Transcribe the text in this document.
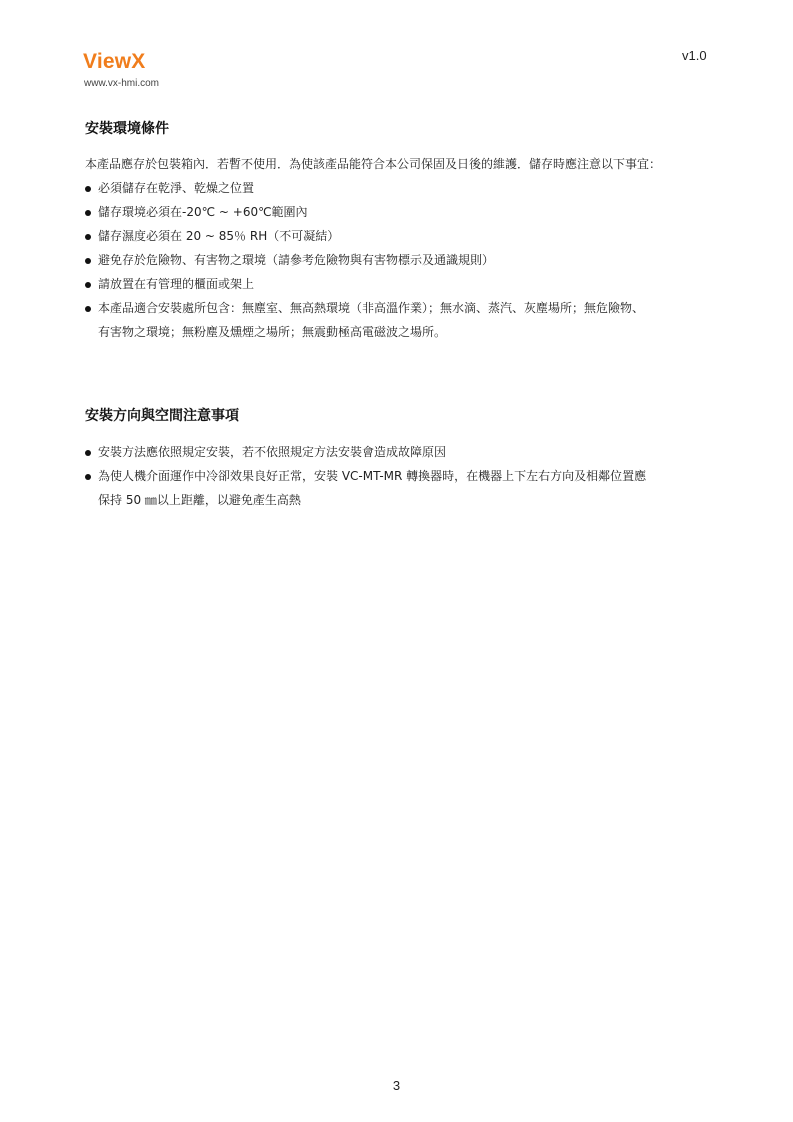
ViewX
www.vx-hmi.com
v1.0
安裝環境條件
本產品應存於包裝箱內．若暫不使用．為使該產品能符合本公司保固及日後的維護．儲存時應注意以下事宜：
必須儲存在乾淨、乾燥之位置
儲存環境必須在-20℃ ~ +60℃範圍內
儲存濕度必須在 20 ~ 85％ RH（不可凝結）
避免存於危險物、有害物之環境（請參考危險物與有害物標示及通識規則）
請放置在有管理的櫃面或架上
本產品適合安裝處所包含：無塵室、無高熱環境（非高溫作業）；無水滴、蒸汽、灰塵場所；無危險物、
有害物之環境；無粉塵及燻煙之場所；無震動極高電磁波之場所。
安裝方向與空間注意事項
安裝方法應依照規定安裝，若不依照規定方法安裝會造成故障原因
為使人機介面運作中冷卻效果良好正常，安裝 VC-MT-MR 轉換器時，在機器上下左右方向及相鄰位置應
保持 50 ㎜以上距離，以避免產生高熱
3
